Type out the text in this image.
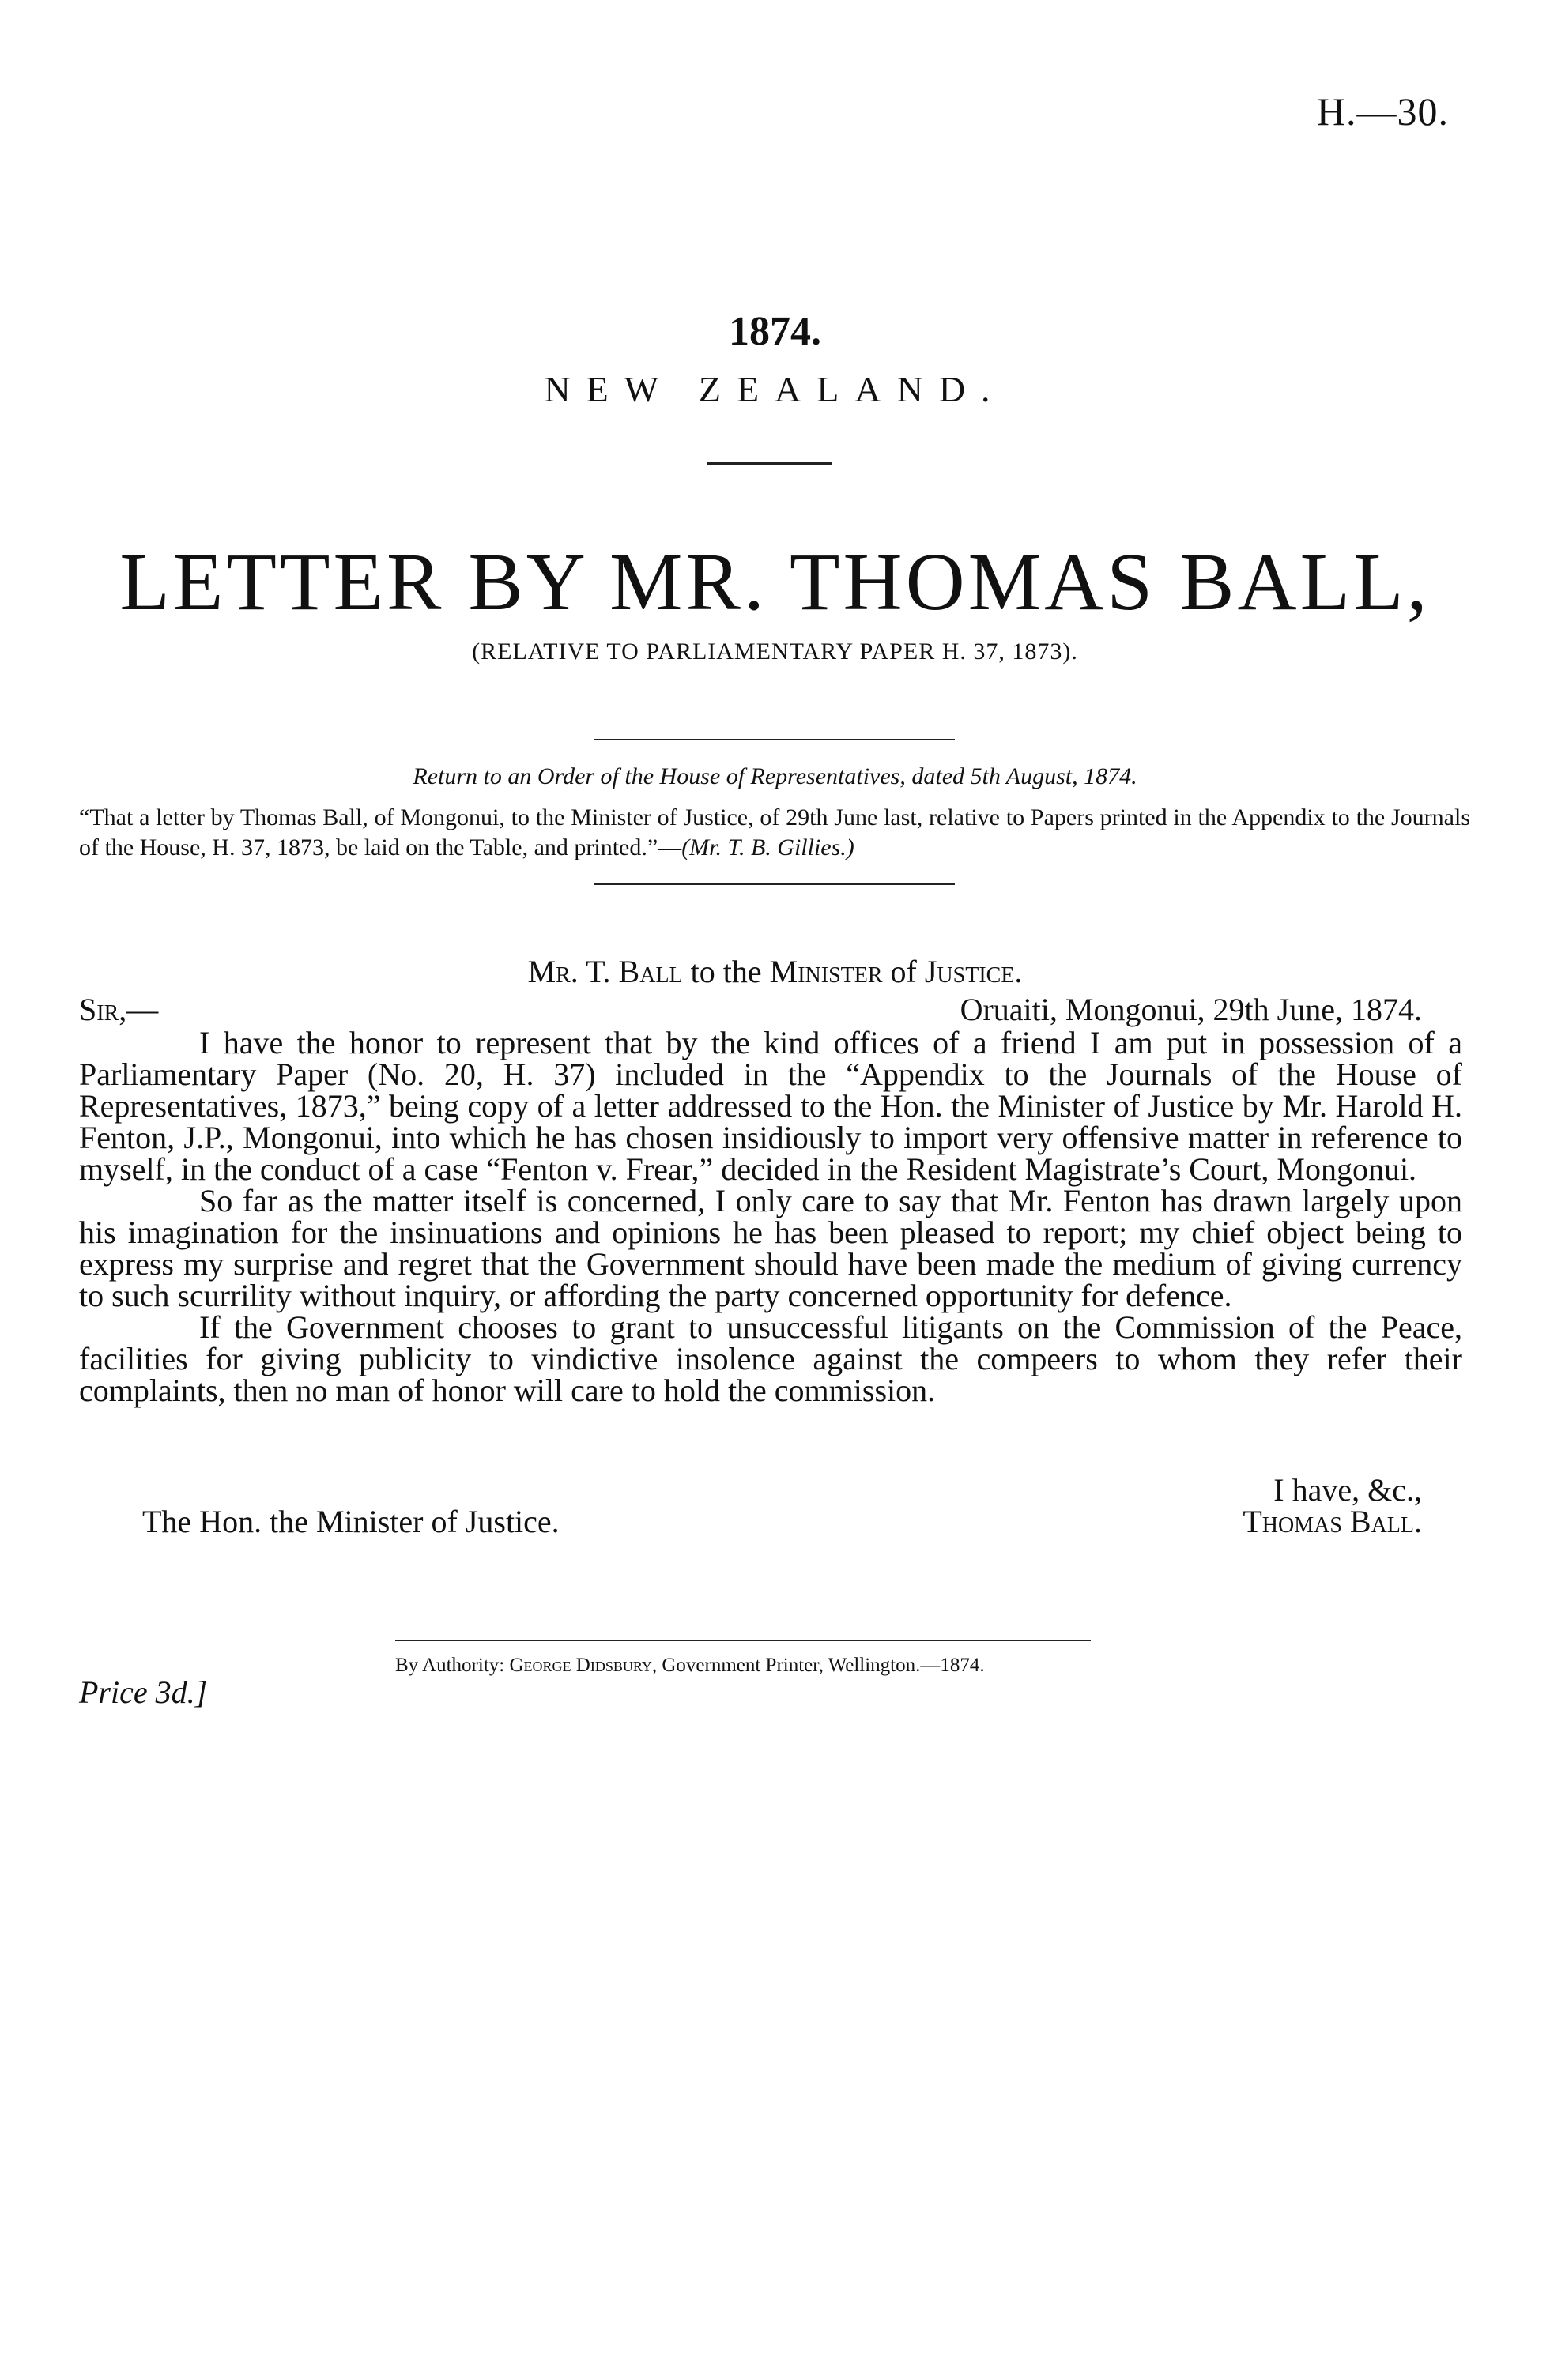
H.—30.
1874.
NEW ZEALAND.
LETTER BY MR. THOMAS BALL,
(RELATIVE TO PARLIAMENTARY PAPER H. 37, 1873).
Return to an Order of the House of Representatives, dated 5th August, 1874.
“That a letter by Thomas Ball, of Mongonui, to the Minister of Justice, of 29th June last, relative to Papers printed in the Appendix to the Journals of the House, H. 37, 1873, be laid on the Table, and printed.”—(Mr. T. B. Gillies.)
Mr. T. Ball to the Minister of Justice.
Sir,—	Oruaiti, Mongonui, 29th June, 1874.

I have the honor to represent that by the kind offices of a friend I am put in possession of a Parliamentary Paper (No. 20, H. 37) included in the “Appendix to the Journals of the House of Representatives, 1873,” being copy of a letter addressed to the Hon. the Minister of Justice by Mr. Harold H. Fenton, J.P., Mongonui, into which he has chosen insidiously to import very offensive matter in reference to myself, in the conduct of a case “Fenton v. Frear,” decided in the Resident Magistrate’s Court, Mongonui.

So far as the matter itself is concerned, I only care to say that Mr. Fenton has drawn largely upon his imagination for the insinuations and opinions he has been pleased to report; my chief object being to express my surprise and regret that the Government should have been made the medium of giving currency to such scurrility without inquiry, or affording the party concerned opportunity for defence.

If the Government chooses to grant to unsuccessful litigants on the Commission of the Peace, facilities for giving publicity to vindictive insolence against the compeers to whom they refer their complaints, then no man of honor will care to hold the commission.

I have, &c.,
The Hon. the Minister of Justice.	Thomas Ball.
Price 3d.]
By Authority: George Didsbury, Government Printer, Wellington.—1874.
